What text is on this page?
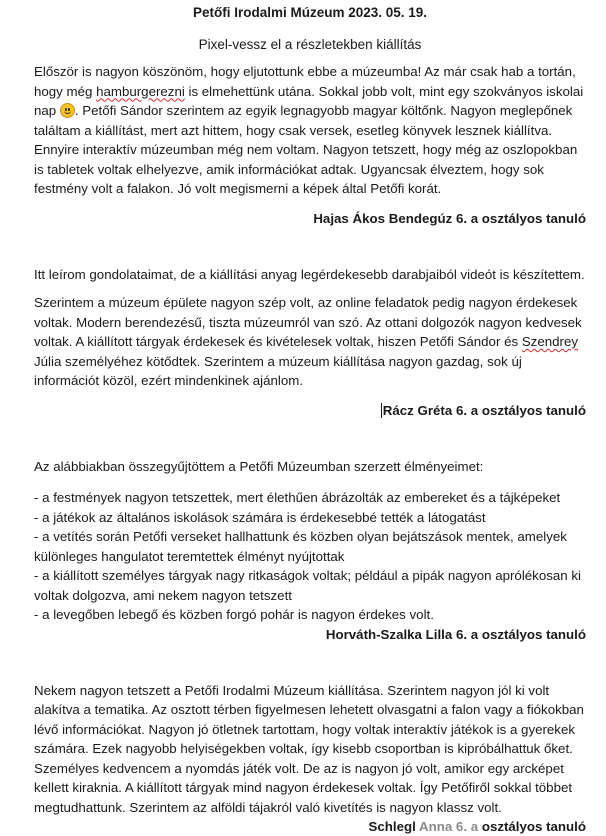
Petőfi Irodalmi Múzeum 2023. 05. 19.
Pixel-vessz el a részletekben kiállítás

Először is nagyon köszönöm, hogy eljutottunk ebbe a múzeumba! Az már csak hab a tortán, hogy még hamburgerezni is elmehettünk utána. Sokkal jobb volt, mint egy szokványos iskolai nap
. Petőfi Sándor szerintem az egyik legnagyobb magyar költőnk. Nagyon meglepőnek találtam a kiállítást, mert azt hittem, hogy csak versek, esetleg könyvek lesznek kiállítva. Ennyire interaktív múzeumban még nem voltam. Nagyon tetszett, hogy még az oszlopokban is tabletek voltak elhelyezve, amik információkat adtak. Ugyancsak élveztem, hogy sok festmény volt a falakon. Jó volt megismerni a képek által Petőfi korát.

Hajas Ákos Bendegúz 6. a osztályos tanuló

Itt leírom gondolataimat, de a kiállítási anyag legérdekesebb darabjaiból videót is készítettem.

Szerintem a múzeum épülete nagyon szép volt, az online feladatok pedig nagyon érdekesek voltak. Modern berendezésű, tiszta múzeumról van szó. Az ottani dolgozók nagyon kedvesek voltak. A kiállított tárgyak érdekesek és kivételesek voltak, hiszen Petőfi Sándor és Szendrey Júlia személyéhez kötődtek. Szerintem a múzeum kiállítása nagyon gazdag, sok új információt közöl, ezért mindenkinek ajánlom.

Rácz Gréta 6. a osztályos tanuló

Az alábbiakban összegyűjtöttem a Petőfi Múzeumban szerzett élményeimet:

- a festmények nagyon tetszettek, mert élethűen ábrázolták az embereket és a tájképeket
- a játékok az általános iskolások számára is érdekesebbé tették a látogatást
- a vetítés során Petőfi verseket hallhattunk és közben olyan bejátszások mentek, amelyek különleges hangulatot teremtettek élményt nyújtottak
- a kiállított személyes tárgyak nagy ritkaságok voltak; például a pipák nagyon aprólékosan ki voltak dolgozva, ami nekem nagyon tetszett
- a levegőben lebegő és közben forgó pohár is nagyon érdekes volt.
Horváth-Szalka Lilla 6. a osztályos tanuló

Nekem nagyon tetszett a Petőfi Irodalmi Múzeum kiállítása. Szerintem nagyon jól ki volt alakítva a tematika. Az osztott térben figyelmesen lehetett olvasgatni a falon vagy a fiókokban lévő információkat. Nagyon jó ötletnek tartottam, hogy voltak interaktív játékok is a gyerekek számára. Ezek nagyobb helyiségekben voltak, így kisebb csoportban is kipróbálhattuk őket. Személyes kedvencem a nyomdás játék volt. De az is nagyon jó volt, amikor egy arcképet kellett kiraknia. A kiállított tárgyak mind nagyon érdekesek voltak. Így Petőfiről sokkal többet megtudhattunk. Szerintem az alföldi tájakról való kivetítés is nagyon klassz volt.

Schlegl Anna 6. a osztályos tanuló
